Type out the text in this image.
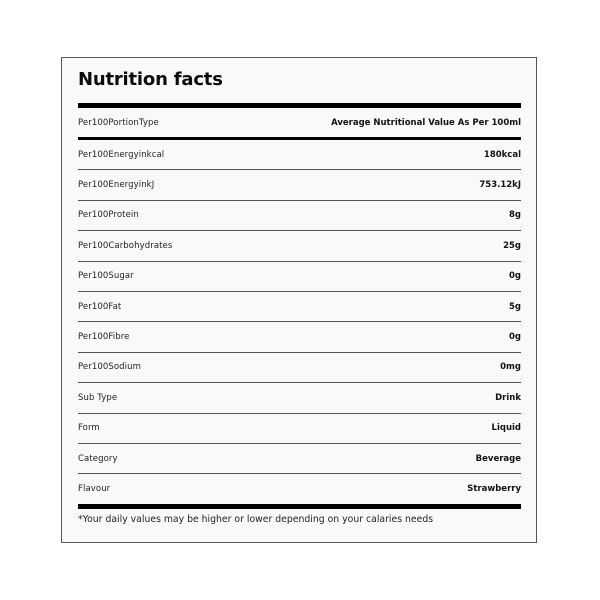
Nutrition facts
Per100PortionType	Average Nutritional Value As Per 100ml
Per100Energyinkcal	180kcal
Per100EnergyinkJ	753.12kJ
Per100Protein	8g
Per100Carbohydrates	25g
Per100Sugar	0g
Per100Fat	5g
Per100Fibre	0g
Per100Sodium	0mg
Sub Type	Drink
Form	Liquid
Category	Beverage
Flavour	Strawberry
*Your daily values may be higher or lower depending on your calaries needs
